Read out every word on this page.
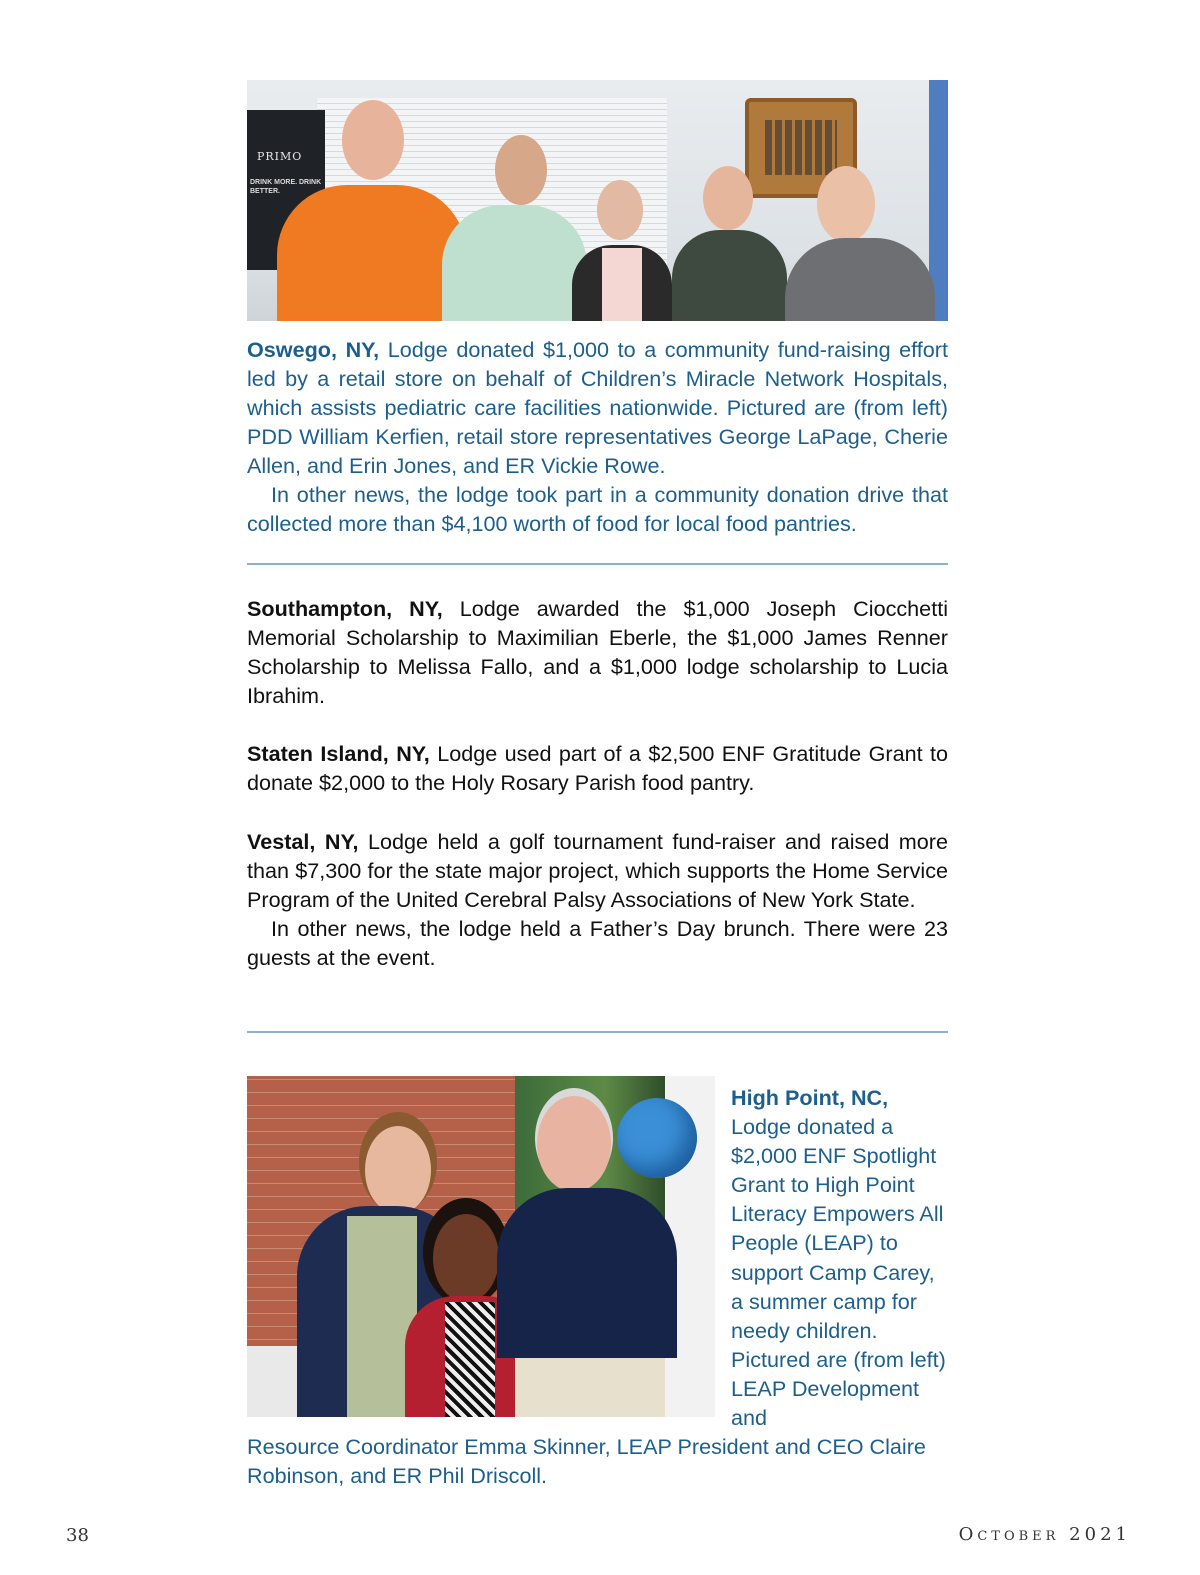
PRIMO
DRINK MORE. DRINK BETTER.

Oswego, NY, Lodge donated $1,000 to a community fund-raising effort led by a retail store on behalf of Children’s Miracle Network Hospitals, which assists pediatric care facilities nationwide. Pictured are (from left) PDD William Kerfien, retail store representatives George LaPage, Cherie Allen, and Erin Jones, and ER Vickie Rowe.

In other news, the lodge took part in a community donation drive that collected more than $4,100 worth of food for local food pantries.

Southampton, NY, Lodge awarded the $1,000 Joseph Ciocchetti Memorial Scholarship to Maximilian Eberle, the $1,000 James Renner Scholarship to Melissa Fallo, and a $1,000 lodge scholarship to Lucia Ibrahim.

Staten Island, NY, Lodge used part of a $2,500 ENF Gratitude Grant to donate $2,000 to the Holy Rosary Parish food pantry.

Vestal, NY, Lodge held a golf tournament fund-raiser and raised more than $7,300 for the state major project, which supports the Home Service Program of the United Cerebral Palsy Associations of New York State.

In other news, the lodge held a Father’s Day brunch. There were 23 guests at the event.

High Point, NC,
Lodge donated a $2,000 ENF Spotlight Grant to High Point Literacy Empowers All People (LEAP) to support Camp Carey, a summer camp for needy children. Pictured are (from left) LEAP Development and

Resource Coordinator Emma Skinner, LEAP President and CEO Claire Robinson, and ER Phil Driscoll.

38	October 2021
